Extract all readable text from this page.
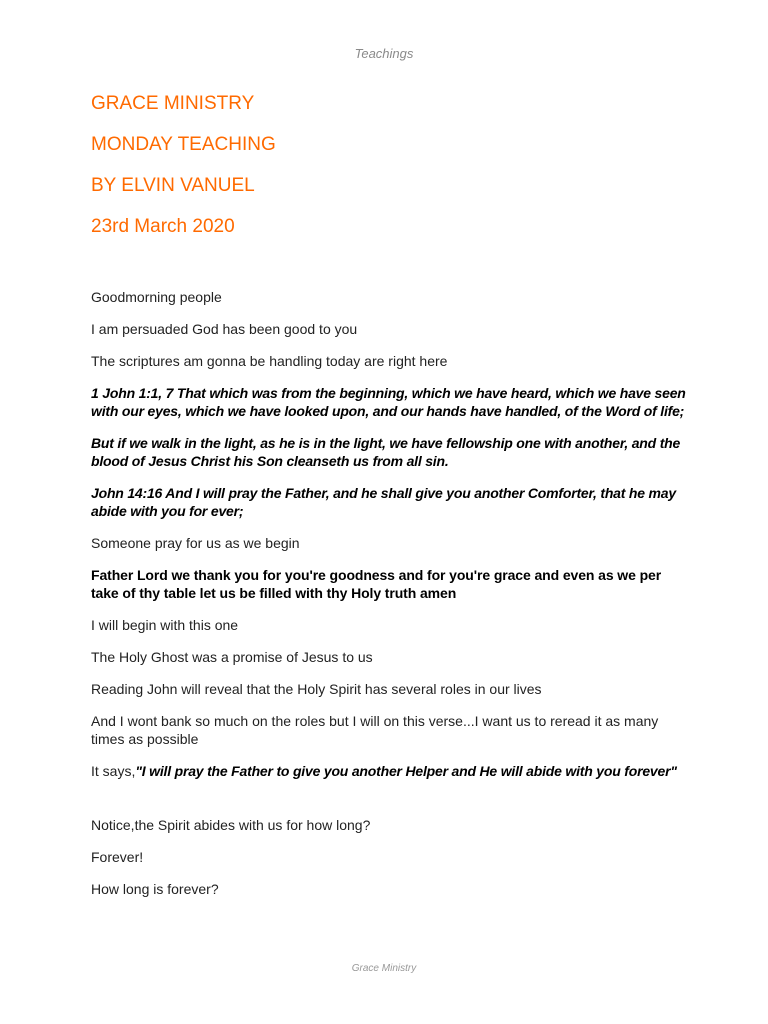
Teachings
GRACE MINISTRY
MONDAY TEACHING
BY ELVIN VANUEL
23rd March 2020

Goodmorning people

I am persuaded God has been good to you

The scriptures am gonna be handling today are right here

1 John 1:1, 7 That which was from the beginning, which we have heard, which we have seen with our eyes, which we have looked upon, and our hands have handled, of the Word of life;

But if we walk in the light, as he is in the light, we have fellowship one with another, and the blood of Jesus Christ his Son cleanseth us from all sin.

John 14:16 And I will pray the Father, and he shall give you another Comforter, that he may abide with you for ever;

Someone pray for us as we begin

Father Lord we thank you for you're goodness and for you're grace and even as we per take of thy table let us be filled with thy Holy truth amen

I will begin with this one

The Holy Ghost was a promise of Jesus to us

Reading John will reveal that the Holy Spirit has several roles in our lives

And I wont bank so much on the roles but I will on this verse...I want us to reread it as many times as possible

It says,"I will pray the Father to give you another Helper and He will abide with you forever"

Notice,the Spirit abides with us for how long?

Forever!

How long is forever?

Grace Ministry
